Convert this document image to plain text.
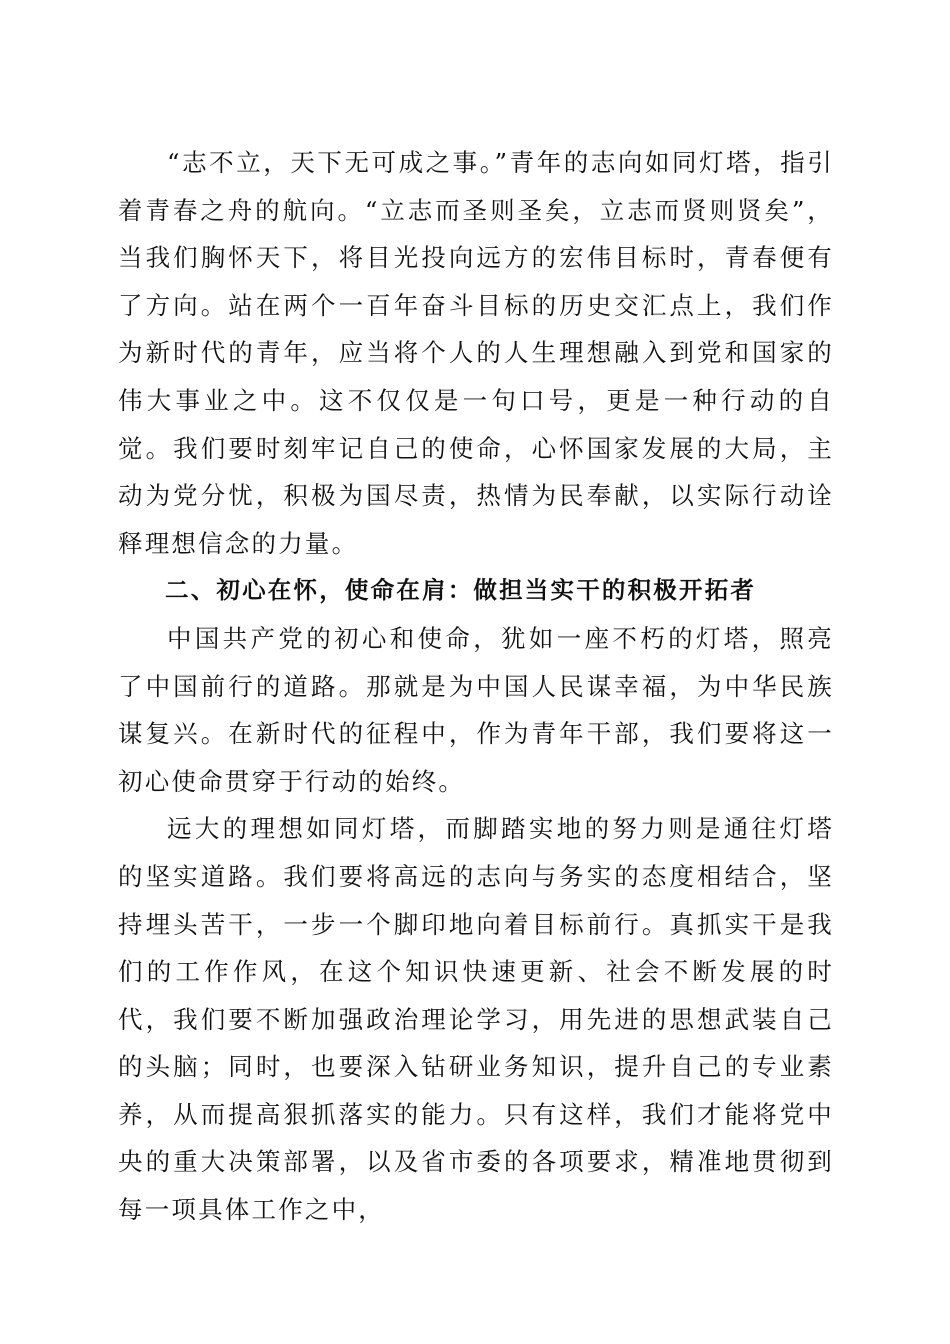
“志不立，天下无可成之事。”青年的志向如同灯塔，指引着青春之舟的航向。“立志而圣则圣矣，立志而贤则贤矣”，当我们胸怀天下，将目光投向远方的宏伟目标时，青春便有了方向。站在两个一百年奋斗目标的历史交汇点上，我们作为新时代的青年，应当将个人的人生理想融入到党和国家的伟大事业之中。这不仅仅是一句口号，更是一种行动的自觉。我们要时刻牢记自己的使命，心怀国家发展的大局，主动为党分忧，积极为国尽责，热情为民奉献，以实际行动诠释理想信念的力量。

二、初心在怀，使命在肩：做担当实干的积极开拓者

中国共产党的初心和使命，犹如一座不朽的灯塔，照亮了中国前行的道路。那就是为中国人民谋幸福，为中华民族谋复兴。在新时代的征程中，作为青年干部，我们要将这一初心使命贯穿于行动的始终。

远大的理想如同灯塔，而脚踏实地的努力则是通往灯塔的坚实道路。我们要将高远的志向与务实的态度相结合，坚持埋头苦干，一步一个脚印地向着目标前行。真抓实干是我们的工作作风，在这个知识快速更新、社会不断发展的时代，我们要不断加强政治理论学习，用先进的思想武装自己的头脑；同时，也要深入钻研业务知识，提升自己的专业素养，从而提高狠抓落实的能力。只有这样，我们才能将党中央的重大决策部署，以及省市委的各项要求，精准地贯彻到每一项具体工作之中，
